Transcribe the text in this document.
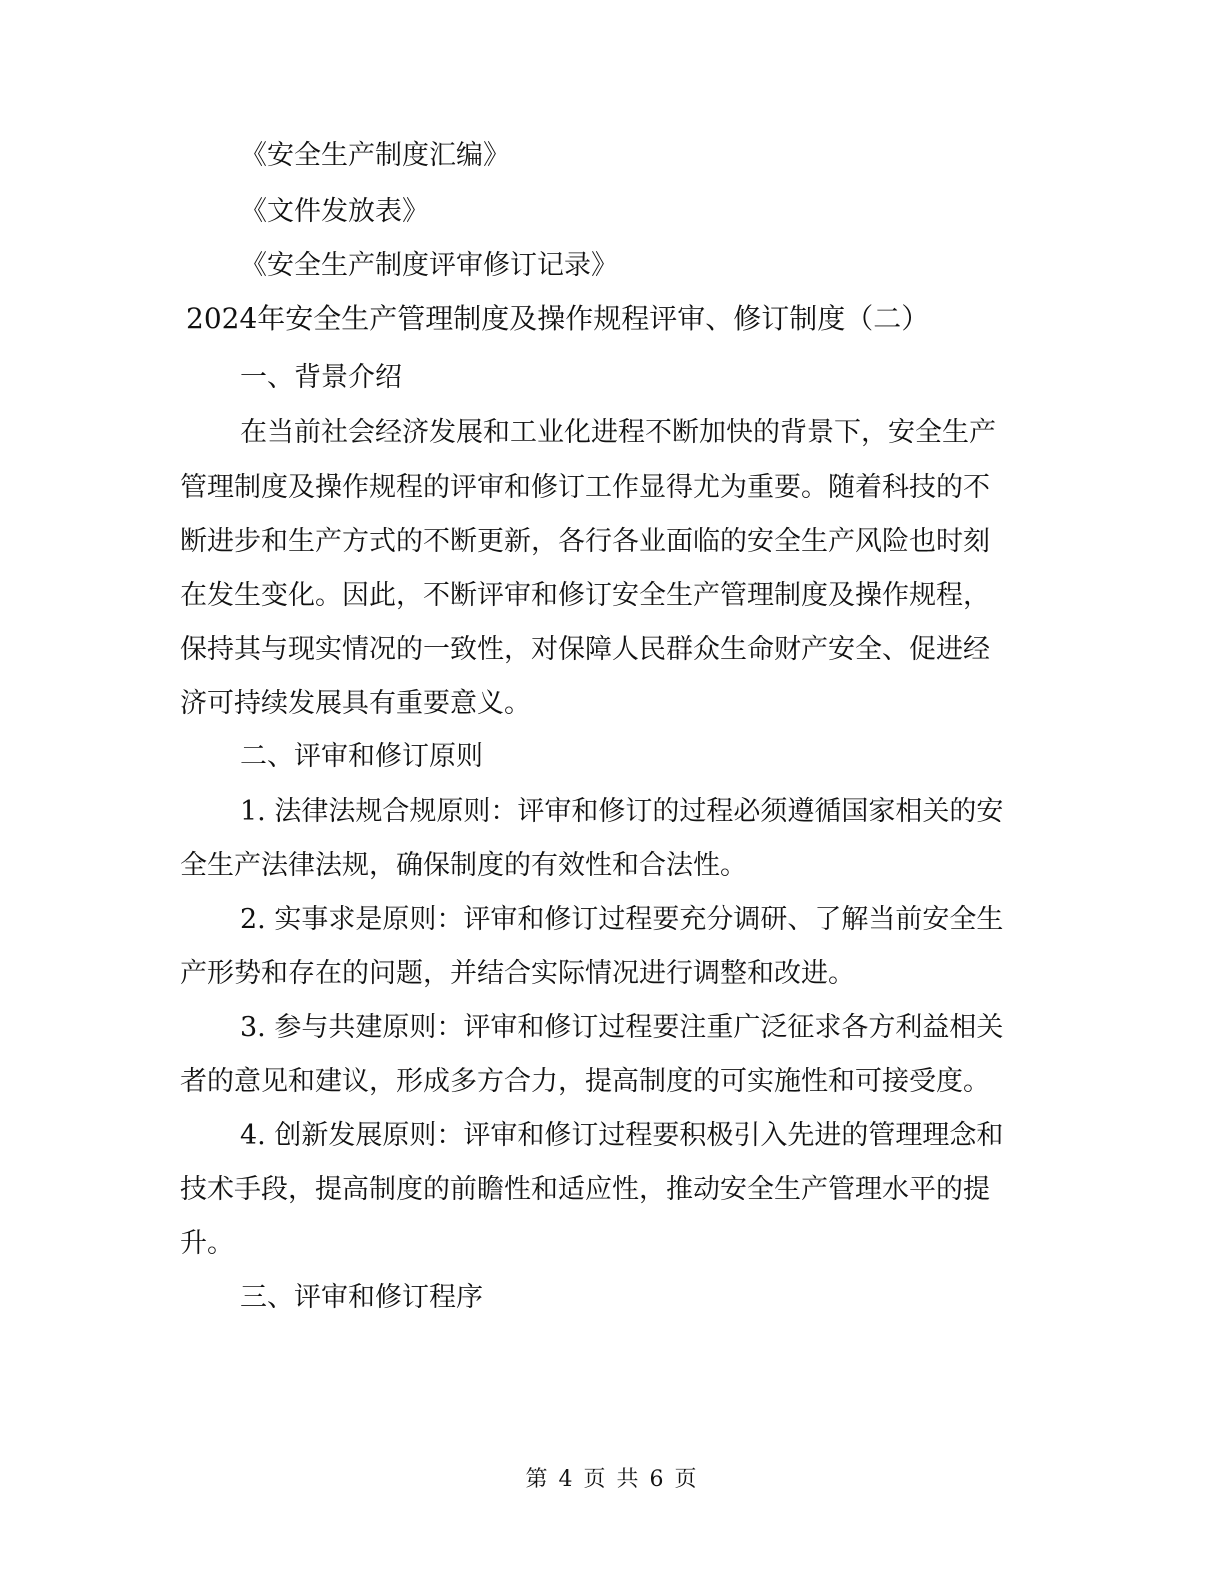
《安全生产制度汇编》
《文件发放表》
《安全生产制度评审修订记录》
2024年安全生产管理制度及操作规程评审、修订制度（二）
一、背景介绍
在当前社会经济发展和工业化进程不断加快的背景下，安全生产
管理制度及操作规程的评审和修订工作显得尤为重要。随着科技的不
断进步和生产方式的不断更新，各行各业面临的安全生产风险也时刻
在发生变化。因此，不断评审和修订安全生产管理制度及操作规程，
保持其与现实情况的一致性，对保障人民群众生命财产安全、促进经
济可持续发展具有重要意义。
二、评审和修订原则
1. 法律法规合规原则：评审和修订的过程必须遵循国家相关的安
全生产法律法规，确保制度的有效性和合法性。
2. 实事求是原则：评审和修订过程要充分调研、了解当前安全生
产形势和存在的问题，并结合实际情况进行调整和改进。
3. 参与共建原则：评审和修订过程要注重广泛征求各方利益相关
者的意见和建议，形成多方合力，提高制度的可实施性和可接受度。
4. 创新发展原则：评审和修订过程要积极引入先进的管理理念和
技术手段，提高制度的前瞻性和适应性，推动安全生产管理水平的提
升。
三、评审和修订程序
第 4 页 共 6 页
